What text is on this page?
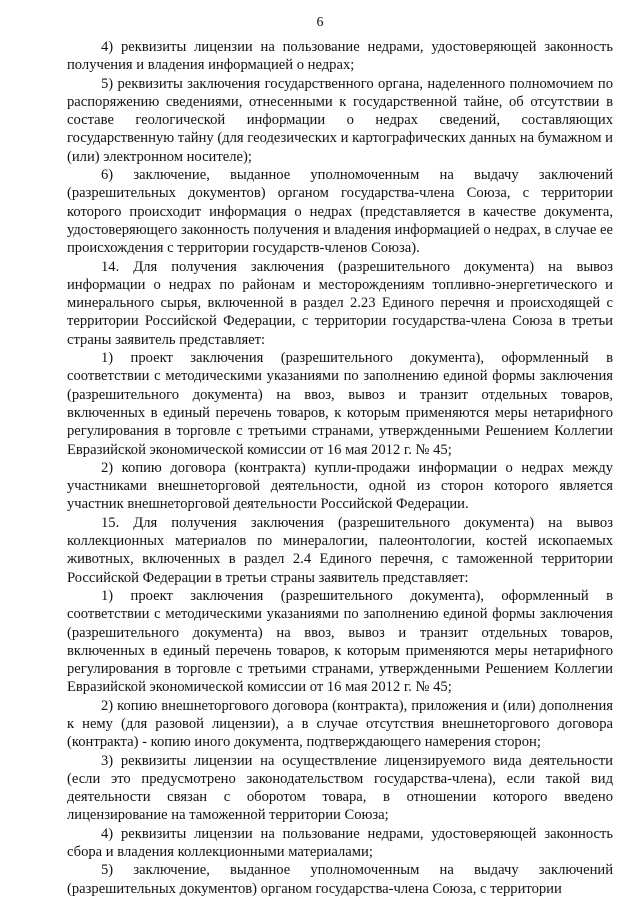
6

4) реквизиты лицензии на пользование недрами, удостоверяющей законность получения и владения информацией о недрах;

5) реквизиты заключения государственного органа, наделенного полномочием по распоряжению сведениями, отнесенными к государственной тайне, об отсутствии в составе геологической информации о недрах сведений, составляющих государственную тайну (для геодезических и картографических данных на бумажном и (или) электронном носителе);

6) заключение, выданное уполномоченным на выдачу заключений (разрешительных документов) органом государства-члена Союза, с территории которого происходит информация о недрах (представляется в качестве документа, удостоверяющего законность получения и владения информацией о недрах, в случае ее происхождения с территории государств-членов Союза).

14. Для получения заключения (разрешительного документа) на вывоз информации о недрах по районам и месторождениям топливно-энергетического и минерального сырья, включенной в раздел 2.23 Единого перечня и происходящей с территории Российской Федерации, с территории государства-члена Союза в третьи страны заявитель представляет:

1) проект заключения (разрешительного документа), оформленный в соответствии с методическими указаниями по заполнению единой формы заключения (разрешительного документа) на ввоз, вывоз и транзит отдельных товаров, включенных в единый перечень товаров, к которым применяются меры нетарифного регулирования в торговле с третьими странами, утвержденными Решением Коллегии Евразийской экономической комиссии от 16 мая 2012 г. № 45;

2) копию договора (контракта) купли-продажи информации о недрах между участниками внешнеторговой деятельности, одной из сторон которого является участник внешнеторговой деятельности Российской Федерации.

15. Для получения заключения (разрешительного документа) на вывоз коллекционных материалов по минералогии, палеонтологии, костей ископаемых животных, включенных в раздел 2.4 Единого перечня, с таможенной территории Российской Федерации в третьи страны заявитель представляет:

1) проект заключения (разрешительного документа), оформленный в соответствии с методическими указаниями по заполнению единой формы заключения (разрешительного документа) на ввоз, вывоз и транзит отдельных товаров, включенных в единый перечень товаров, к которым применяются меры нетарифного регулирования в торговле с третьими странами, утвержденными Решением Коллегии Евразийской экономической комиссии от 16 мая 2012 г. № 45;

2) копию внешнеторгового договора (контракта), приложения и (или) дополнения к нему (для разовой лицензии), а в случае отсутствия внешнеторгового договора (контракта) - копию иного документа, подтверждающего намерения сторон;

3) реквизиты лицензии на осуществление лицензируемого вида деятельности (если это предусмотрено законодательством государства-члена), если такой вид деятельности связан с оборотом товара, в отношении которого введено лицензирование на таможенной территории Союза;

4) реквизиты лицензии на пользование недрами, удостоверяющей законность сбора и владения коллекционными материалами;

5) заключение, выданное уполномоченным на выдачу заключений (разрешительных документов) органом государства-члена Союза, с территории
